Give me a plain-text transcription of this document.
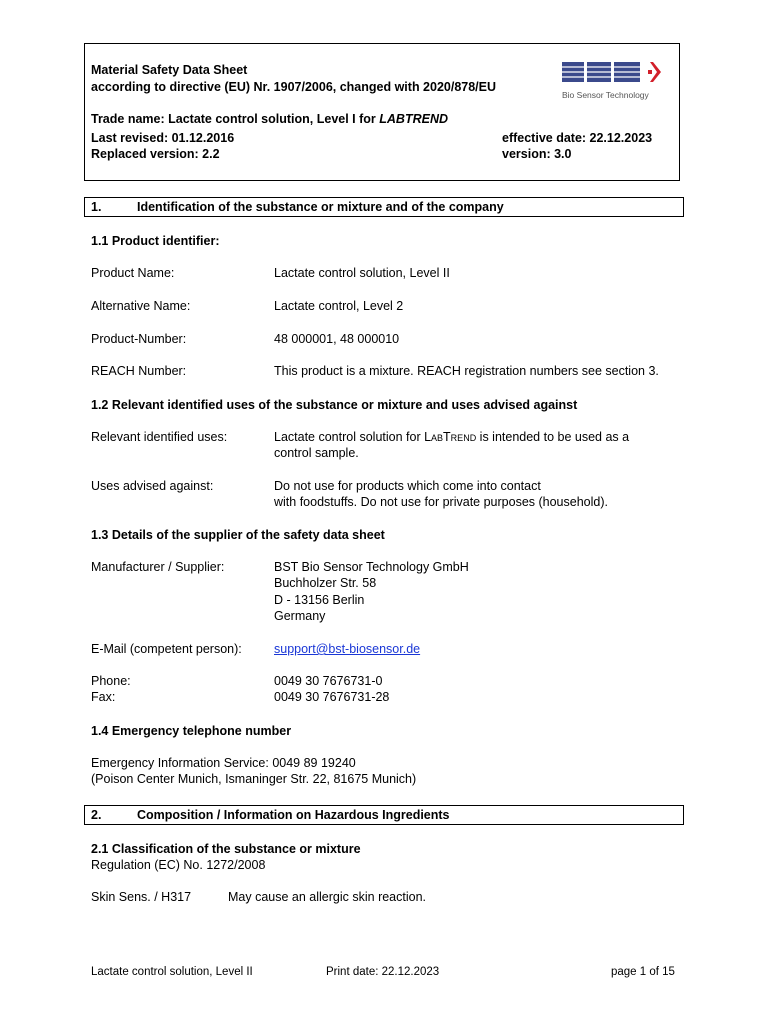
Material Safety Data Sheet
according to directive (EU) Nr. 1907/2006, changed with 2020/878/EU
Trade name: Lactate control solution, Level I for LABTREND
Last revised: 01.12.2016
Replaced version: 2.2
effective date: 22.12.2023
version: 3.0
Bio Sensor Technology
1.	Identification of the substance or mixture and of the company
1.1 Product identifier:
Product Name:	Lactate control solution, Level II
Alternative Name:	Lactate control, Level 2
Product-Number:	48 000001, 48 000010
REACH Number:	This product is a mixture. REACH registration numbers see section 3.
1.2 Relevant identified uses of the substance or mixture and uses advised against
Relevant identified uses:	Lactate control solution for LabTrend is intended to be used as a
control sample.
Uses advised against:	Do not use for products which come into contact
with foodstuffs. Do not use for private purposes (household).
1.3 Details of the supplier of the safety data sheet
Manufacturer / Supplier:	BST Bio Sensor Technology GmbH
Buchholzer Str. 58
D - 13156 Berlin
Germany
E-Mail (competent person):	support@bst-biosensor.de
Phone:	0049 30 7676731-0
Fax:	0049 30 7676731-28
1.4 Emergency telephone number
Emergency Information Service: 0049 89 19240
(Poison Center Munich, Ismaninger Str. 22, 81675 Munich)
2.	Composition / Information on Hazardous Ingredients
2.1 Classification of the substance or mixture
Regulation (EC) No. 1272/2008
Skin Sens. / H317	May cause an allergic skin reaction.
Lactate control solution, Level II	Print date: 22.12.2023	page 1 of 15
